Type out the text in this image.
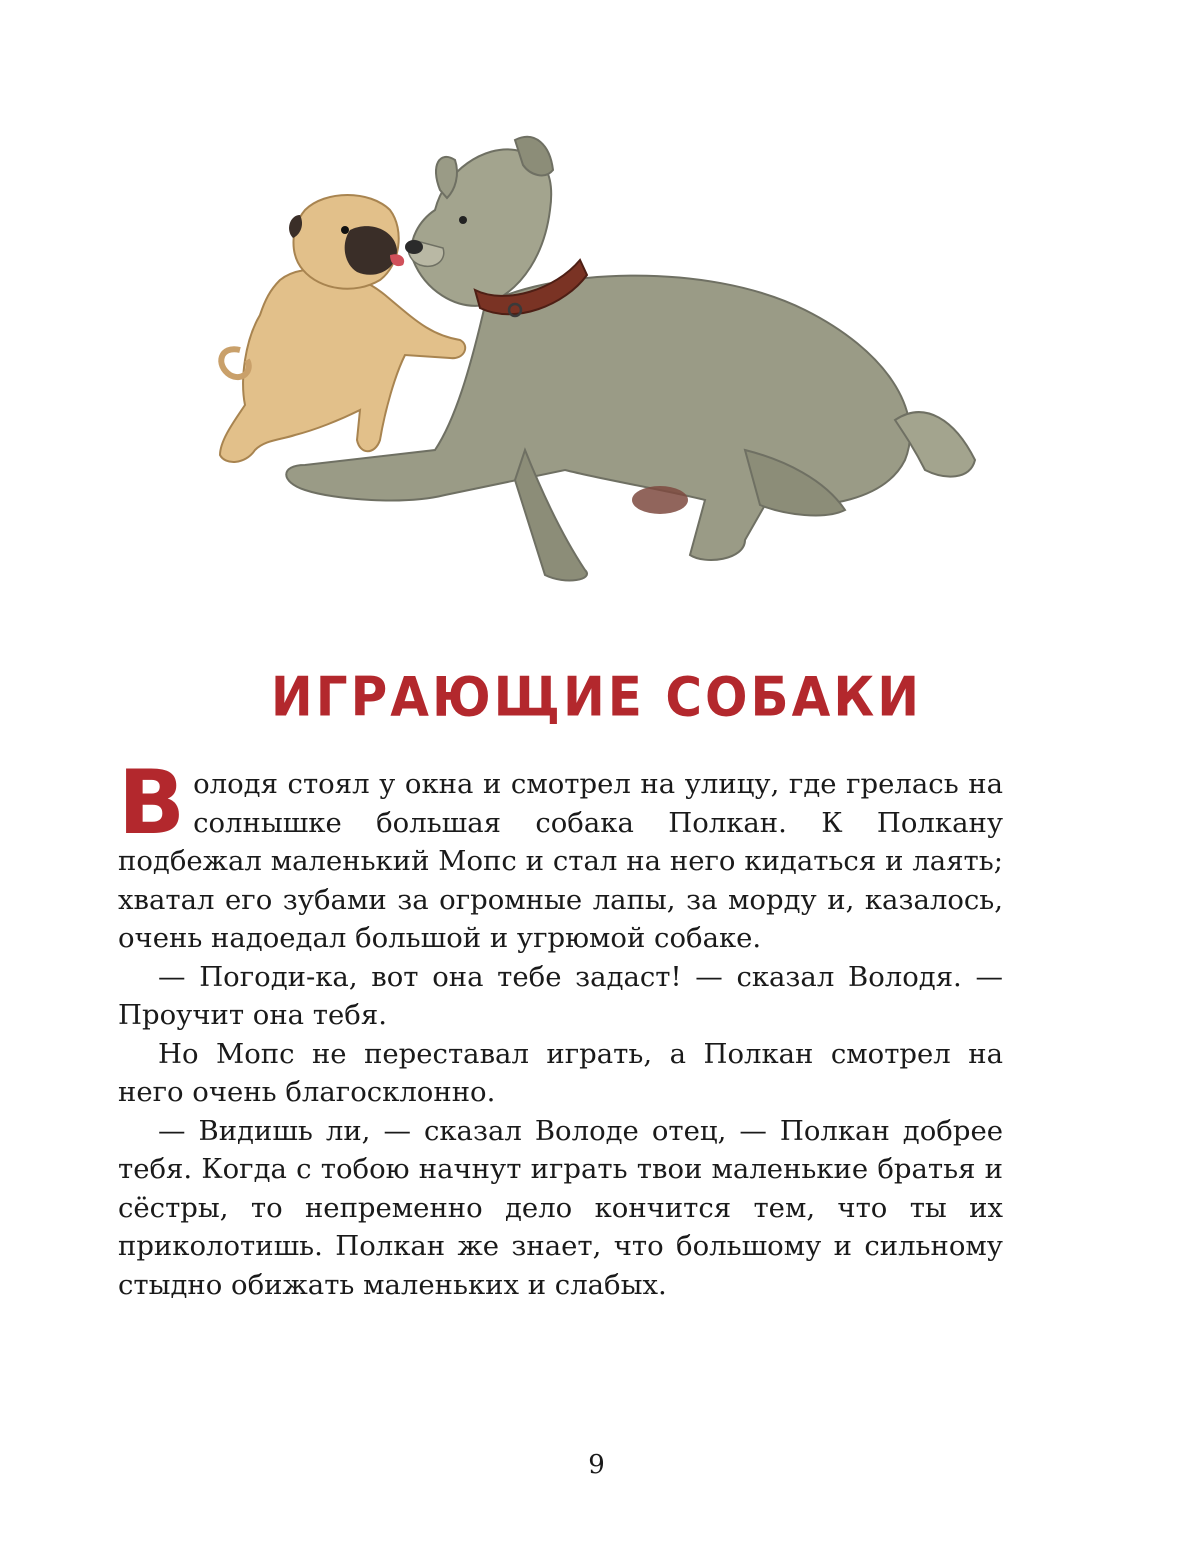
ИГРАЮЩИЕ СОБАКИ

Володя стоял у окна и смотрел на улицу, где грелась на солнышке большая собака Полкан. К Полкану подбежал маленький Мопс и стал на него кидаться и лаять; хватал его зубами за огромные лапы, за морду и, казалось, очень надоедал большой и угрюмой собаке.

— Погоди-ка, вот она тебе задаст! — сказал Володя. — Проучит она тебя.

Но Мопс не переставал играть, а Полкан смотрел на него очень благосклонно.

— Видишь ли, — сказал Володе отец, — Полкан добрее тебя. Когда с тобою начнут играть твои маленькие братья и сёстры, то непременно дело кончится тем, что ты их приколотишь. Полкан же знает, что большому и сильному стыдно обижать маленьких и слабых.

9
